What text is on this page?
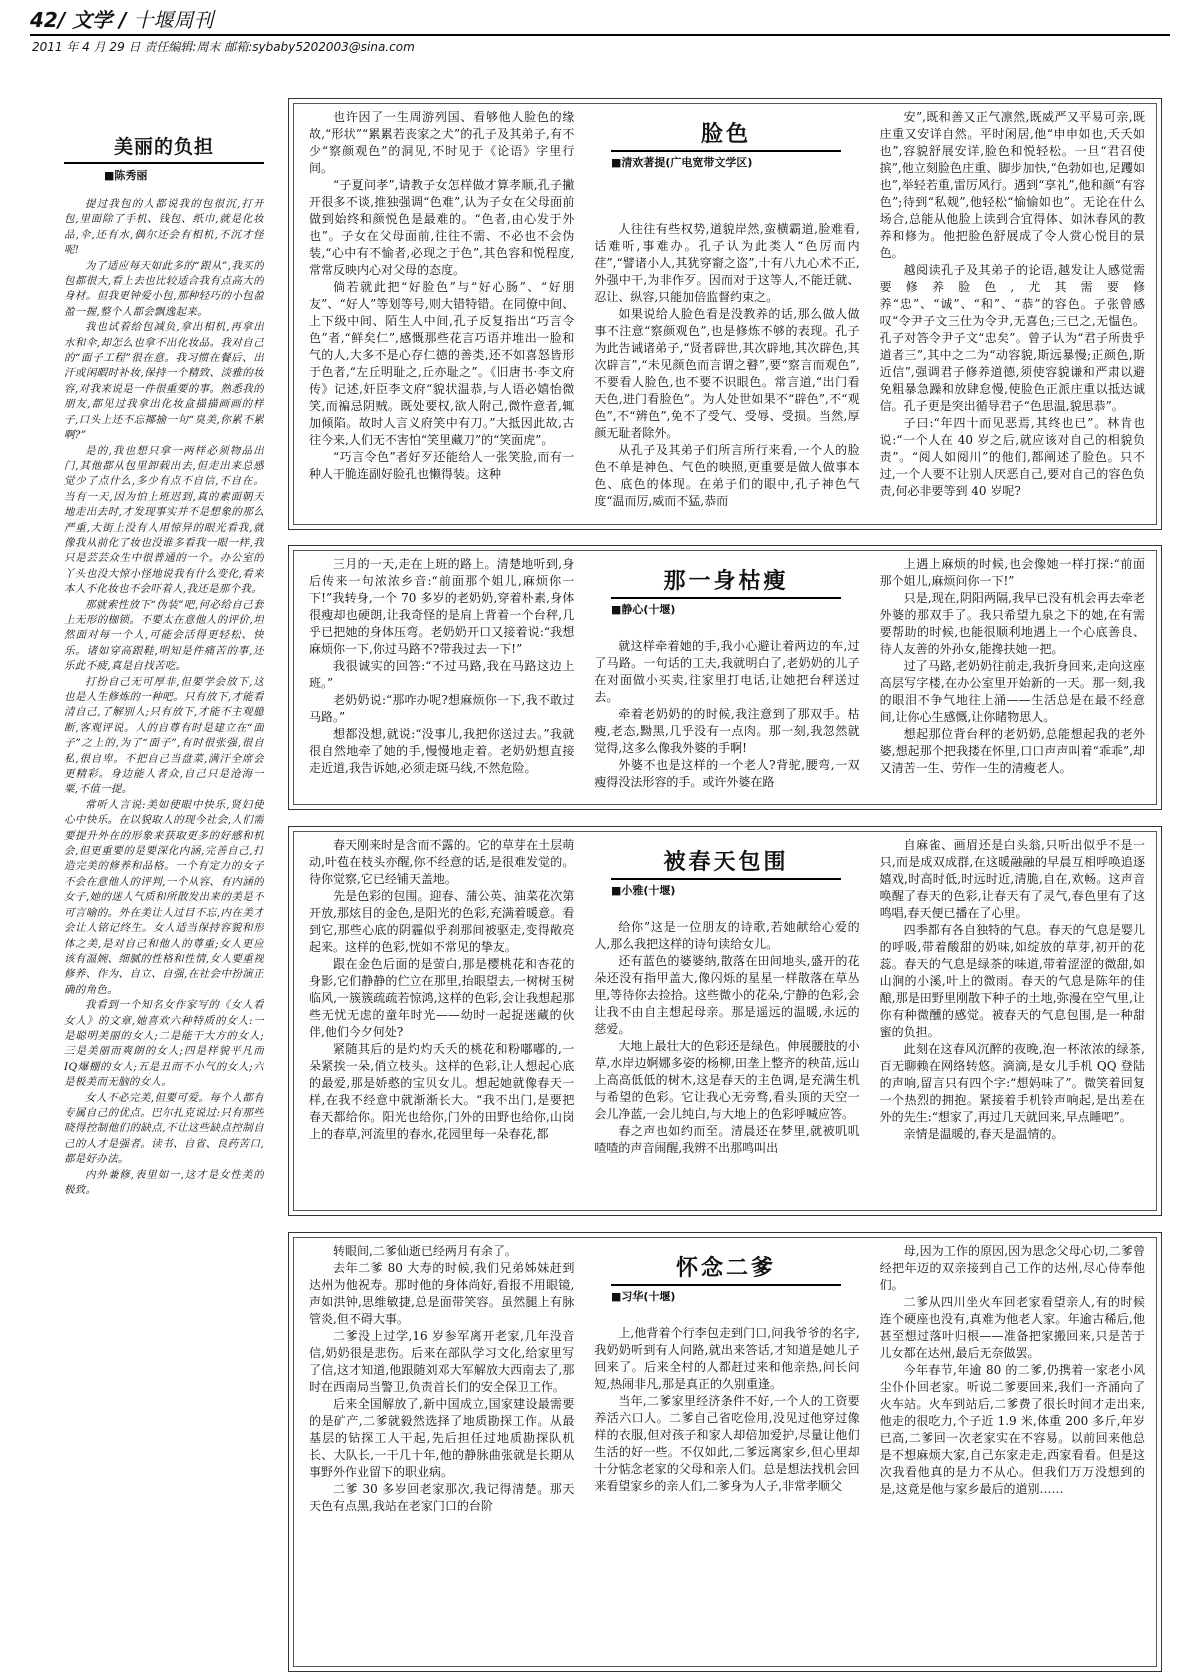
42/ 文学 / 十堰周刊
2011 年 4 月 29 日 责任编辑:周末 邮箱:sybaby5202003@sina.com
美丽的负担
■陈秀丽

提过我包的人都说我的包很沉,打开包,里面除了手机、钱包、纸巾,就是化妆品,伞,还有水,偶尔还会有相机,不沉才怪呢!

为了适应每天如此多的“跟从”,我买的包都很大,看上去也比较适合我有点高大的身材。但我更钟爱小包,那种轻巧的小包盈盈一握,整个人都会飘逸起来。

我也试着给包减负,拿出相机,再拿出水和伞,却怎么也拿不出化妆品。我对自己的“面子工程”很在意。我习惯在餐后、出汗或闲暇时补妆,保持一个精致、淡雅的妆容,对我来说是一件很重要的事。熟悉我的朋友,都见过我拿出化妆盒描描画画的样子,口头上还不忘揶揄一句“臭美,你累不累啊?”

是的,我也想只拿一两样必须物品出门,其他都从包里卸载出去,但走出来总感觉少了点什么,多少有点不自信,不自在。当有一天,因为怕上班迟到,真的素面朝天地走出去时,才发现事实并不是想象的那么严重,大街上没有人用惊异的眼光看我,就像我从前化了妆也没谁多看我一眼一样,我只是芸芸众生中很普通的一个。办公室的丫头也没大惊小怪地说我有什么变化,看来本人不化妆也不会吓着人,我还是那个我。

那就索性放下“伪装”吧,何必给自己套上无形的枷锁。不要太在意他人的评价,坦然面对每一个人,可能会活得更轻松、快乐。诸如穿高跟鞋,明知是件痛苦的事,还乐此不疲,真是自找苦吃。

打扮自己无可厚非,但要学会放下,这也是人生修炼的一种吧。只有放下,才能看清自己,了解别人;只有放下,才能不主观臆断,客观评说。人的自尊有时是建立在“面子”之上的,为了“面子”,有时很张强,很自私,很自卑。不把自己当盘菜,满汗全席会更精彩。身边能人者众,自己只是沧海一粟,不值一提。

常听人言说:美如使眼中快乐,贤妇使心中快乐。在以貌取人的现今社会,人们需要提升外在的形象来获取更多的好感和机会,但更重要的是要深化内涵,完善自己,打造完美的修养和品格。一个有定力的女子不会在意他人的评判,一个从容、有内涵的女子,她的迷人气质和所散发出来的美是不可言喻的。外在美让人过目不忘,内在美才会让人铭记终生。女人适当保持容貌和形体之美,是对自己和他人的尊重;女人更应该有温婉、细腻的性格和性情,女人要重视修养、作为、自立、自强,在社会中扮演正确的角色。

我看到一个知名女作家写的《女人看女人》的文章,她喜欢六种特质的女人:一是聪明美丽的女人;二是能干大方的女人;三是美丽而爽朗的女人;四是样貌平凡而IQ爆棚的女人;五是丑而不小气的女人;六是极美而无脑的女人。

女人不必完美,但要可爱。每个人都有专属自己的优点。巴尔扎克说过:只有那些晓得控制他们的缺点,不让这些缺点控制自己的人才是强者。读书、自省、良药苦口,都是好办法。

内外兼修,表里如一,这才是女性美的极致。

脸色
■清欢著提(广电宽带文学区)

也许因了一生周游列国、看够他人脸色的缘故,“形状”“累累若丧家之犬”的孔子及其弟子,有不少“察颜观色”的洞见,不时见于《论语》字里行间。

“子夏问孝”,请教子女怎样做才算孝顺,孔子撇开很多不谈,推独强调“色难”,认为子女在父母面前做到始终和颜悦色是最难的。“色者,由心发于外也”。子女在父母面前,往往不需、不必也不会伪装,“心中有不愉者,必现之于色”,其色容和悦程度,常常反映内心对父母的态度。

倘若就此把“好脸色”与“好心肠”、“好朋友”、“好人”等划等号,则大错特错。在同僚中间、上下级中间、陌生人中间,孔子反复指出“巧言令色”者,“鲜矣仁”,感慨那些花言巧语并堆出一脸和气的人,大多不是心存仁德的善类,还不如喜怒皆形于色者,“左丘明耻之,丘亦耻之”。《旧唐书·李文府传》记述,奸臣李文府“貌状温恭,与人语必嬉怡微笑,而褊忌阴贼。既处要权,欲人附己,微忤意者,辄加倾陷。故时人言义府笑中有刀。”大抵因此故,古往今来,人们无不害怕“笑里藏刀”的“笑面虎”。

“巧言令色”者好歹还能给人一张笑脸,而有一种人干脆连副好脸孔也懒得装。这种

人往往有些权势,道貌岸然,蛮横霸道,脸难看,话难听,事难办。孔子认为此类人“色厉而内荏”,“譬诸小人,其犹穿窬之盗”,十有八九心术不正,外强中干,为非作歹。因而对于这等人,不能迁就、忍让、纵容,只能加倍监督约束之。

如果说给人脸色看是没教养的话,那么做人做事不注意“察颜观色”,也是修炼不够的表现。孔子为此告诫诸弟子,“贤者辟世,其次辟地,其次辟色,其次辟言”,“未见颜色而言谓之瞽”,要“察言而观色”,不要看人脸色,也不要不识眼色。常言道,“出门看天色,进门看脸色”。为人处世如果不“辟色”,不“观色”,不“辨色”,免不了受气、受辱、受损。当然,厚颜无耻者除外。

从孔子及其弟子们所言所行来看,一个人的脸色不单是神色、气色的映照,更重要是做人做事本色、底色的体现。在弟子们的眼中,孔子神色气度“温而厉,威而不猛,恭而

安”,既和善又正气凛然,既威严又平易可亲,既庄重又安详自然。平时闲居,他“申申如也,夭夭如也”,容貌舒展安详,脸色和悦轻松。一旦“君召使摈”,他立刻脸色庄重、脚步加快,“色勃如也,足躩如也”,举轻若重,雷厉风行。遇到“享礼”,他和颜“有容色”;待到“私觌”,他轻松“愉愉如也”。无论在什么场合,总能从他脸上读到合宜得体、如沐春风的教养和修为。他把脸色舒展成了令人赏心悦目的景色。

越阅读孔子及其弟子的论语,越发让人感觉需要修养脸色,尤其需要修养“忠”、“诚”、“和”、“恭”的容色。子张曾感叹“令尹子文三仕为令尹,无喜色;三已之,无愠色。孔子对答令尹子文“忠矣”。曾子认为“君子所贵乎道者三”,其中之二为“动容貌,斯远暴慢;正颜色,斯近信”,强调君子修养道德,须使容貌谦和严肃以避免粗暴急躁和放肆怠慢,使脸色正派庄重以抵达诚信。孔子更是突出循导君子“色思温,貌思恭”。

子曰:“年四十而见恶焉,其终也已”。林肯也说:“一个人在 40 岁之后,就应该对自己的相貌负责”。“阅人如阅川”的他们,都阐述了脸色。只不过,一个人要不让别人厌恶自己,要对自己的容色负责,何必非要等到 40 岁呢?

那一身枯瘦
■静心(十堰)

三月的一天,走在上班的路上。清楚地听到,身后传来一句浓浓乡音:“前面那个姐儿,麻烦你一下!”我转身,一个 70 多岁的老奶奶,穿着朴素,身体很瘦却也硬朗,让我奇怪的是肩上背着一个台秤,几乎已把她的身体压弯。老奶奶开口又接着说:“我想麻烦你一下,你过马路不?带我过去一下!”

我很诚实的回答:“不过马路,我在马路这边上班。”

老奶奶说:“那咋办呢?想麻烦你一下,我不敢过马路。”

想都没想,就说:“没事儿,我把你送过去。”我就很自然地牵了她的手,慢慢地走着。老奶奶想直接走近道,我告诉她,必须走斑马线,不然危险。

就这样牵着她的手,我小心避让着两边的车,过了马路。一句话的工夫,我就明白了,老奶奶的儿子在对面做小买卖,往家里打电话,让她把台秤送过去。

牵着老奶奶的的时候,我注意到了那双手。枯瘦,老态,黝黑,几乎没有一点肉。那一刻,我忽然就觉得,这多么像我外婆的手啊!

外婆不也是这样的一个老人?背驼,腰弯,一双瘦得没法形容的手。或许外婆在路

上遇上麻烦的时候,也会像她一样打探:“前面那个姐儿,麻烦问你一下!”

只是,现在,阴阳两隔,我早已没有机会再去牵老外婆的那双手了。我只希望九泉之下的她,在有需要帮助的时候,也能很顺利地遇上一个心底善良、待人友善的外孙女,能搀扶她一把。

过了马路,老奶奶往前走,我折身回来,走向这座高层写字楼,在办公室里开始新的一天。那一刻,我的眼泪不争气地往上涌——生活总是在最不经意间,让你心生感慨,让你睹物思人。

想起那位背台秤的老奶奶,总能想起我的老外婆,想起那个把我搂在怀里,口口声声叫着“乖乖”,却又清苦一生、劳作一生的清瘦老人。

被春天包围
■小雅(十堰)

春天刚来时是含而不露的。它的草芽在土层萌动,叶苞在枝头亦醒,你不经意的话,是很难发觉的。待你觉察,它已经铺天盖地。

先是色彩的包围。迎春、蒲公英、油菜花次第开放,那炫目的金色,是阳光的色彩,充满着暖意。看到它,那些心底的阴霾似乎刹那间被驱走,变得敞亮起来。这样的色彩,恍如不常见的挚友。

跟在金色后面的是萤白,那是樱桃花和杏花的身影,它们静静的伫立在那里,抬眼望去,一树树玉树临风,一簇簇疏疏若惊鸿,这样的色彩,会让我想起那些无忧无虑的童年时光——幼时一起捉迷藏的伙伴,他们今夕何处?

紧随其后的是灼灼夭夭的桃花和粉嘟嘟的,一朵紧挨一朵,俏立枝头。这样的色彩,让人想起心底的最爱,那是娇憨的宝贝女儿。想起她就像春天一样,在我不经意中就渐渐长大。“我不出门,是要把春天都给你。阳光也给你,门外的田野也给你,山岗上的春草,河流里的春水,花园里每一朵春花,都

给你”这是一位朋友的诗歌,若她献给心爱的人,那么我把这样的诗句读给女儿。

还有蓝色的婆婆纳,散落在田间地头,盛开的花朵还没有指甲盖大,像闪烁的星星一样散落在草丛里,等待你去捡拾。这些微小的花朵,宁静的色彩,会让我不由自主想起母亲。那是遥远的温暖,永远的慈爱。

大地上最壮大的色彩还是绿色。伸展腰肢的小草,水岸边婀娜多姿的杨柳,田垄上整齐的秧苗,远山上高高低低的树木,这是春天的主色调,是充满生机与希望的色彩。它让我心无旁骛,看头顶的天空一会儿净蓝,一会儿纯白,与大地上的色彩呼喊应答。

春之声也如约而至。清晨还在梦里,就被叽叽喳喳的声音闹醒,我辨不出那鸣叫出

自麻雀、画眉还是白头翁,只听出似乎不是一只,而是成双成群,在这暖融融的早晨互相呼唤追逐嬉戏,时高时低,时远时近,清脆,自在,欢畅。这声音唤醒了春天的色彩,让春天有了灵气,春色里有了这鸣唱,春天便已播在了心里。

四季都有各自独特的气息。春天的气息是婴儿的呼吸,带着酸甜的奶味,如绽放的草芽,初开的花蕊。春天的气息是绿茶的味道,带着涩涩的微甜,如山涧的小溪,叶上的微雨。春天的气息是陈年的佳酿,那是田野里刚散下种子的土地,弥漫在空气里,让你有种微醺的感觉。被春天的气息包围,是一种甜蜜的负担。

此刻在这春风沉醉的夜晚,泡一杯浓浓的绿茶,百无聊赖在网络转悠。滴滴,是女儿手机 QQ 登陆的声响,留言只有四个字:“想妈味了”。微笑着回复一个热烈的拥抱。紧接着手机铃声响起,是出差在外的先生:“想家了,再过几天就回来,早点睡吧”。

亲情是温暖的,春天是温情的。

怀念二爹
■习华(十堰)

转眼间,二爹仙逝已经两月有余了。

去年二爹 80 大寿的时候,我们兄弟姊妹赶到达州为他祝寿。那时他的身体尚好,看报不用眼镜,声如洪钟,思维敏捷,总是面带笑容。虽然腿上有脉管炎,但不碍大事。

二爹没上过学,16 岁参军离开老家,几年没音信,奶奶很是悲伤。后来在部队学习文化,给家里写了信,这才知道,他跟随刘邓大军解放大西南去了,那时在西南局当警卫,负责首长们的安全保卫工作。

后来全国解放了,新中国成立,国家建设最需要的是矿产,二爹就毅然选择了地质勘探工作。从最基层的钻探工人干起,先后担任过地质勘探队机长、大队长,一干几十年,他的静脉曲张就是长期从事野外作业留下的职业病。

二爹 30 多岁回老家那次,我记得清楚。那天天色有点黑,我站在老家门口的台阶

上,他背着个行李包走到门口,问我爷爷的名字,我奶奶听到有人问路,就出来答话,才知道是她儿子回来了。后来全村的人都赶过来和他亲热,问长问短,热闹非凡,那是真正的久别重逢。

当年,二爹家里经济条件不好,一个人的工资要养活六口人。二爹自己省吃俭用,没见过他穿过像样的衣服,但对孩子和家人却倍加爱护,尽量让他们生活的好一些。不仅如此,二爹远离家乡,但心里却十分惦念老家的父母和亲人们。总是想法找机会回来看望家乡的亲人们,二爹身为人子,非常孝顺父

母,因为工作的原因,因为思念父母心切,二爹曾经把年迈的双亲接到自己工作的达州,尽心侍奉他们。

二爹从四川坐火车回老家看望亲人,有的时候连个硬座也没有,真难为他老人家。年逾古稀后,他甚至想过落叶归根——准备把家搬回来,只是苦于儿女都在达州,最后无奈做罢。

今年春节,年逾 80 的二爹,仍携着一家老小风尘仆仆回老家。听说二爹要回来,我们一齐涌向了火车站。火车到站后,二爹费了很长时间才走出来,他走的很吃力,个子近 1.9 米,体重 200 多斤,年岁已高,二爹回一次老家实在不容易。以前回来他总是不想麻烦大家,自己东家走走,西家看看。但是这次我看他真的是力不从心。但我们万万没想到的是,这竟是他与家乡最后的道别……
